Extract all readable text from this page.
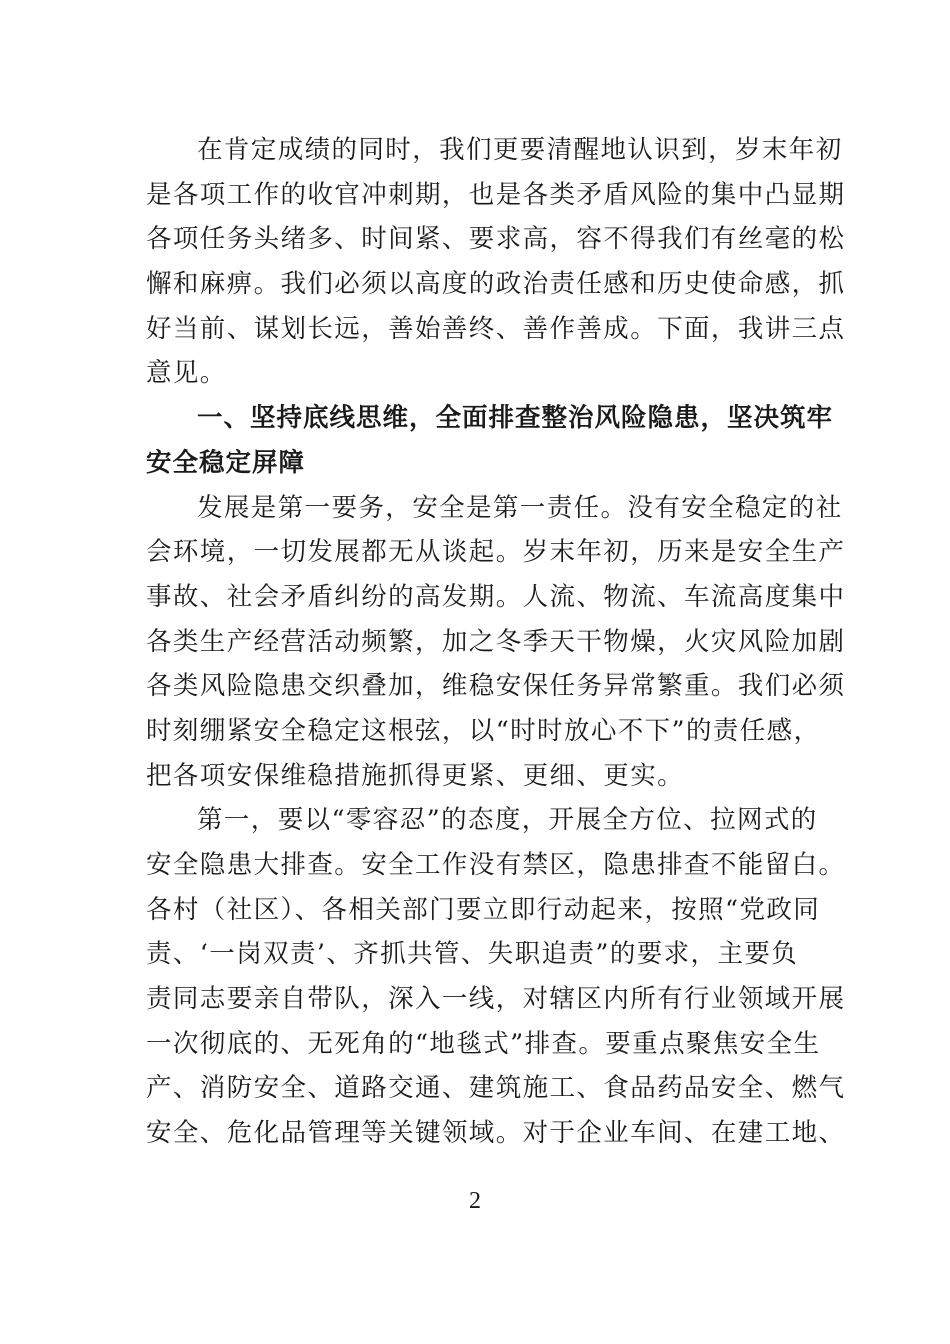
在肯定成绩的同时，我们更要清醒地认识到，岁末年初
是各项工作的收官冲刺期，也是各类矛盾风险的集中凸显期
各项任务头绪多、时间紧、要求高，容不得我们有丝毫的松
懈和麻痹。我们必须以高度的政治责任感和历史使命感，抓
好当前、谋划长远，善始善终、善作善成。下面，我讲三点
意见。
一、坚持底线思维，全面排查整治风险隐患，坚决筑牢
安全稳定屏障
发展是第一要务，安全是第一责任。没有安全稳定的社
会环境，一切发展都无从谈起。岁末年初，历来是安全生产
事故、社会矛盾纠纷的高发期。人流、物流、车流高度集中
各类生产经营活动频繁，加之冬季天干物燥，火灾风险加剧
各类风险隐患交织叠加，维稳安保任务异常繁重。我们必须
时刻绷紧安全稳定这根弦，以“时时放心不下”的责任感，
把各项安保维稳措施抓得更紧、更细、更实。
第一，要以“零容忍”的态度，开展全方位、拉网式的
安全隐患大排查。安全工作没有禁区，隐患排查不能留白。
各村（社区）、各相关部门要立即行动起来，按照“党政同
责、‘一岗双责’、齐抓共管、失职追责”的要求，主要负
责同志要亲自带队，深入一线，对辖区内所有行业领域开展
一次彻底的、无死角的“地毯式”排查。要重点聚焦安全生
产、消防安全、道路交通、建筑施工、食品药品安全、燃气
安全、危化品管理等关键领域。对于企业车间、在建工地、
2
